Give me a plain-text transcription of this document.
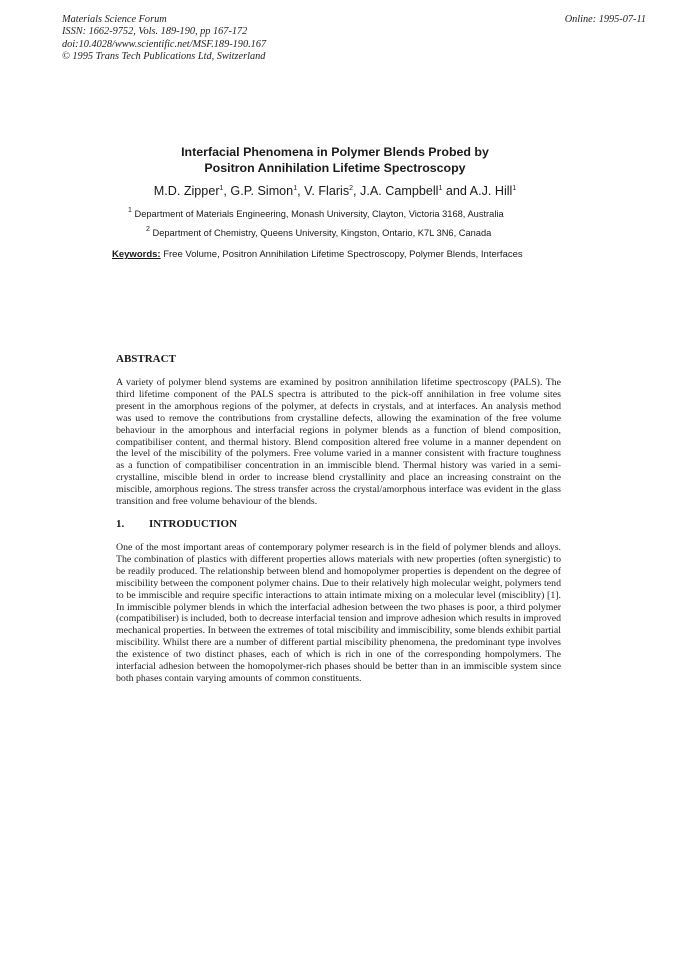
Materials Science Forum
ISSN: 1662-9752, Vols. 189-190, pp 167-172
doi:10.4028/www.scientific.net/MSF.189-190.167
© 1995 Trans Tech Publications Ltd, Switzerland
Online: 1995-07-11
Interfacial Phenomena in Polymer Blends Probed by
Positron Annihilation Lifetime Spectroscopy
M.D. Zipper$^1$, G.P. Simon$^1$, V. Flaris$^2$, J.A. Campbell$^1$ and A.J. Hill$^1$
$^1$ Department of Materials Engineering, Monash University, Clayton, Victoria 3168, Australia
$^2$ Department of Chemistry, Queens University, Kingston, Ontario, K7L 3N6, Canada
Keywords: Free Volume, Positron Annihilation Lifetime Spectroscopy, Polymer Blends, Interfaces
ABSTRACT
A variety of polymer blend systems are examined by positron annihilation lifetime spectroscopy (PALS). The third lifetime component of the PALS spectra is attributed to the pick-off annihilation in free volume sites present in the amorphous regions of the polymer, at defects in crystals, and at interfaces. An analysis method was used to remove the contributions from crystalline defects, allowing the examination of the free volume behaviour in the amorphous and interfacial regions in polymer blends as a function of blend composition, compatibiliser content, and thermal history. Blend composition altered free volume in a manner dependent on the level of the miscibility of the polymers. Free volume varied in a manner consistent with fracture toughness as a function of compatibiliser concentration in an immiscible blend. Thermal history was varied in a semi-crystalline, miscible blend in order to increase blend crystallinity and place an increasing constraint on the miscible, amorphous regions. The stress transfer across the crystal/amorphous interface was evident in the glass transition and free volume behaviour of the blends.
1. INTRODUCTION
One of the most important areas of contemporary polymer research is in the field of polymer blends and alloys. The combination of plastics with different properties allows materials with new properties (often synergistic) to be readily produced. The relationship between blend and homopolymer properties is dependent on the degree of miscibility between the component polymer chains. Due to their relatively high molecular weight, polymers tend to be immiscible and require specific interactions to attain intimate mixing on a molecular level (misciblity) [1]. In immiscible polymer blends in which the interfacial adhesion between the two phases is poor, a third polymer (compatibiliser) is included, both to decrease interfacial tension and improve adhesion which results in improved mechanical properties. In between the extremes of total miscibility and immiscibility, some blends exhibit partial miscibility. Whilst there are a number of different partial miscibility phenomena, the predominant type involves the existence of two distinct phases, each of which is rich in one of the corresponding hompolymers. The interfacial adhesion between the homopolymer-rich phases should be better than in an immiscible system since both phases contain varying amounts of common constituents.
